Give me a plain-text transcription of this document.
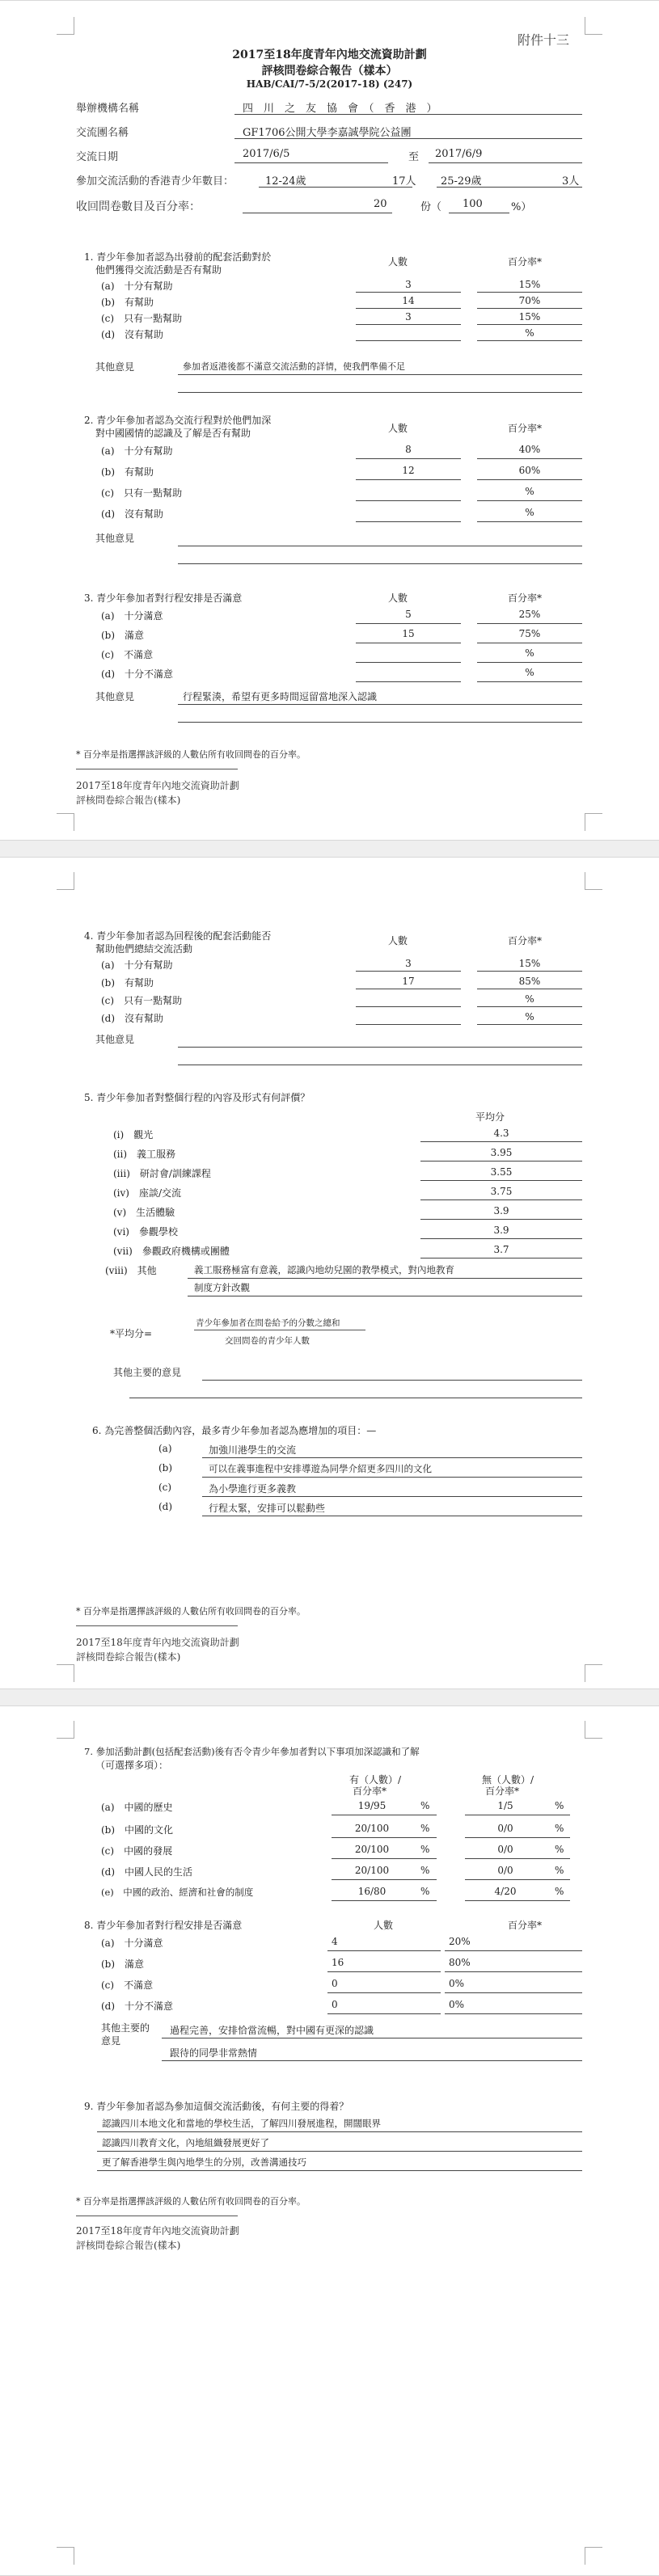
附件十三
2017至18年度青年內地交流資助計劃
評核問卷綜合報告（樣本）
HAB/CAI/7-5/2(2017-18) (247)
舉辦機構名稱	四　川　之　友　協　會　（　香　港　）
交流團名稱	GF1706公開大學李嘉誠學院公益團
交流日期	2017/6/5	至 2017/6/9
參加交流活動的香港青少年數目：	12-24歲	17人 25-29歲	3人
收回問卷數目及百分率：	20	份（ 100	%）
1. 青少年參加者認為出發前的配套活動對於
他們獲得交流活動是否有幫助
人數	百分率*
(a)　十分有幫助	3	15%
(b)　有幫助	14	70%
(c)　只有一點幫助	3	15%
(d)　沒有幫助	%
其他意見	參加者返港後都不滿意交流活動的詳情，使我們準備不足
2. 青少年參加者認為交流行程對於他們加深
對中國國情的認識及了解是否有幫助	人數	百分率*
(a)　十分有幫助	8	40%
(b)　有幫助	12	60%
(c)　只有一點幫助	%
(d)　沒有幫助	%
其他意見
3. 青少年參加者對行程安排是否滿意	人數	百分率*
(a)　十分滿意	5	25%
(b)　滿意	15	75%
(c)　不滿意	%
(d)　十分不滿意	%
其他意見	行程緊湊，希望有更多時間逗留當地深入認識
* 百分率是指選擇該評級的人數佔所有收回問卷的百分率。
2017至18年度青年內地交流資助計劃
評核問卷綜合報告(樣本)
4. 青少年參加者認為回程後的配套活動能否
幫助他們總結交流活動
人數	百分率*
(a)　十分有幫助	3	15%
(b)　有幫助	17	85%
(c)　只有一點幫助	%
(d)　沒有幫助	%
其他意見
5. 青少年參加者對整個行程的內容及形式有何評價？
平均分
(i)　觀光	4.3
(ii)　義工服務	3.95
(iii)　研討會/訓練課程	3.55
(iv)　座談/交流	3.75
(v)　生活體驗	3.9
(vi)　參觀學校	3.9
(vii)　參觀政府機構或團體	3.7
(viii)　其他	義工服務極富有意義，認識內地幼兒園的教學模式，對內地教育
制度方針改觀
*平均分=
青少年參加者在問卷給予的分數之總和
交回問卷的青少年人數
其他主要的意見
6. 為完善整個活動內容，最多青少年參加者認為應增加的項目：—
(a)	加強川港學生的交流
(b)	可以在義事進程中安排導遊為同學介紹更多四川的文化
(c)	為小學進行更多義教
(d)	行程太緊，安排可以鬆動些
* 百分率是指選擇該評級的人數佔所有收回問卷的百分率。
2017至18年度青年內地交流資助計劃
評核問卷綜合報告(樣本)
7. 參加活動計劃(包括配套活動)後有否令青少年參加者對以下事項加深認識和了解
（可選擇多項）：
有（人數）/
百分率*
無（人數）/
百分率*
(a)　中國的歷史	19/95	%	1/5	%
(b)　中國的文化	20/100	%	0/0	%
(c)　中國的發展	20/100	%	0/0	%
(d)　中國人民的生活	20/100	%	0/0	%
(e)　中國的政治、經濟和社會的制度	16/80	%	4/20	%
8. 青少年參加者對行程安排是否滿意	人數	百分率*
(a)　十分滿意	4	20%
(b)　滿意	16	80%
(c)　不滿意	0	0%
(d)　十分不滿意	0	0%
其他主要的意見
過程完善，安排恰當流暢，對中國有更深的認識
跟待的同學非常熱情
9. 青少年參加者認為參加這個交流活動後，有何主要的得着？
認識四川本地文化和當地的學校生活，了解四川發展進程，開闊眼界
認識四川教育文化，內地組織發展更好了
更了解香港學生與內地學生的分別，改善溝通技巧
* 百分率是指選擇該評級的人數佔所有收回問卷的百分率。
2017至18年度青年內地交流資助計劃
評核問卷綜合報告(樣本)
